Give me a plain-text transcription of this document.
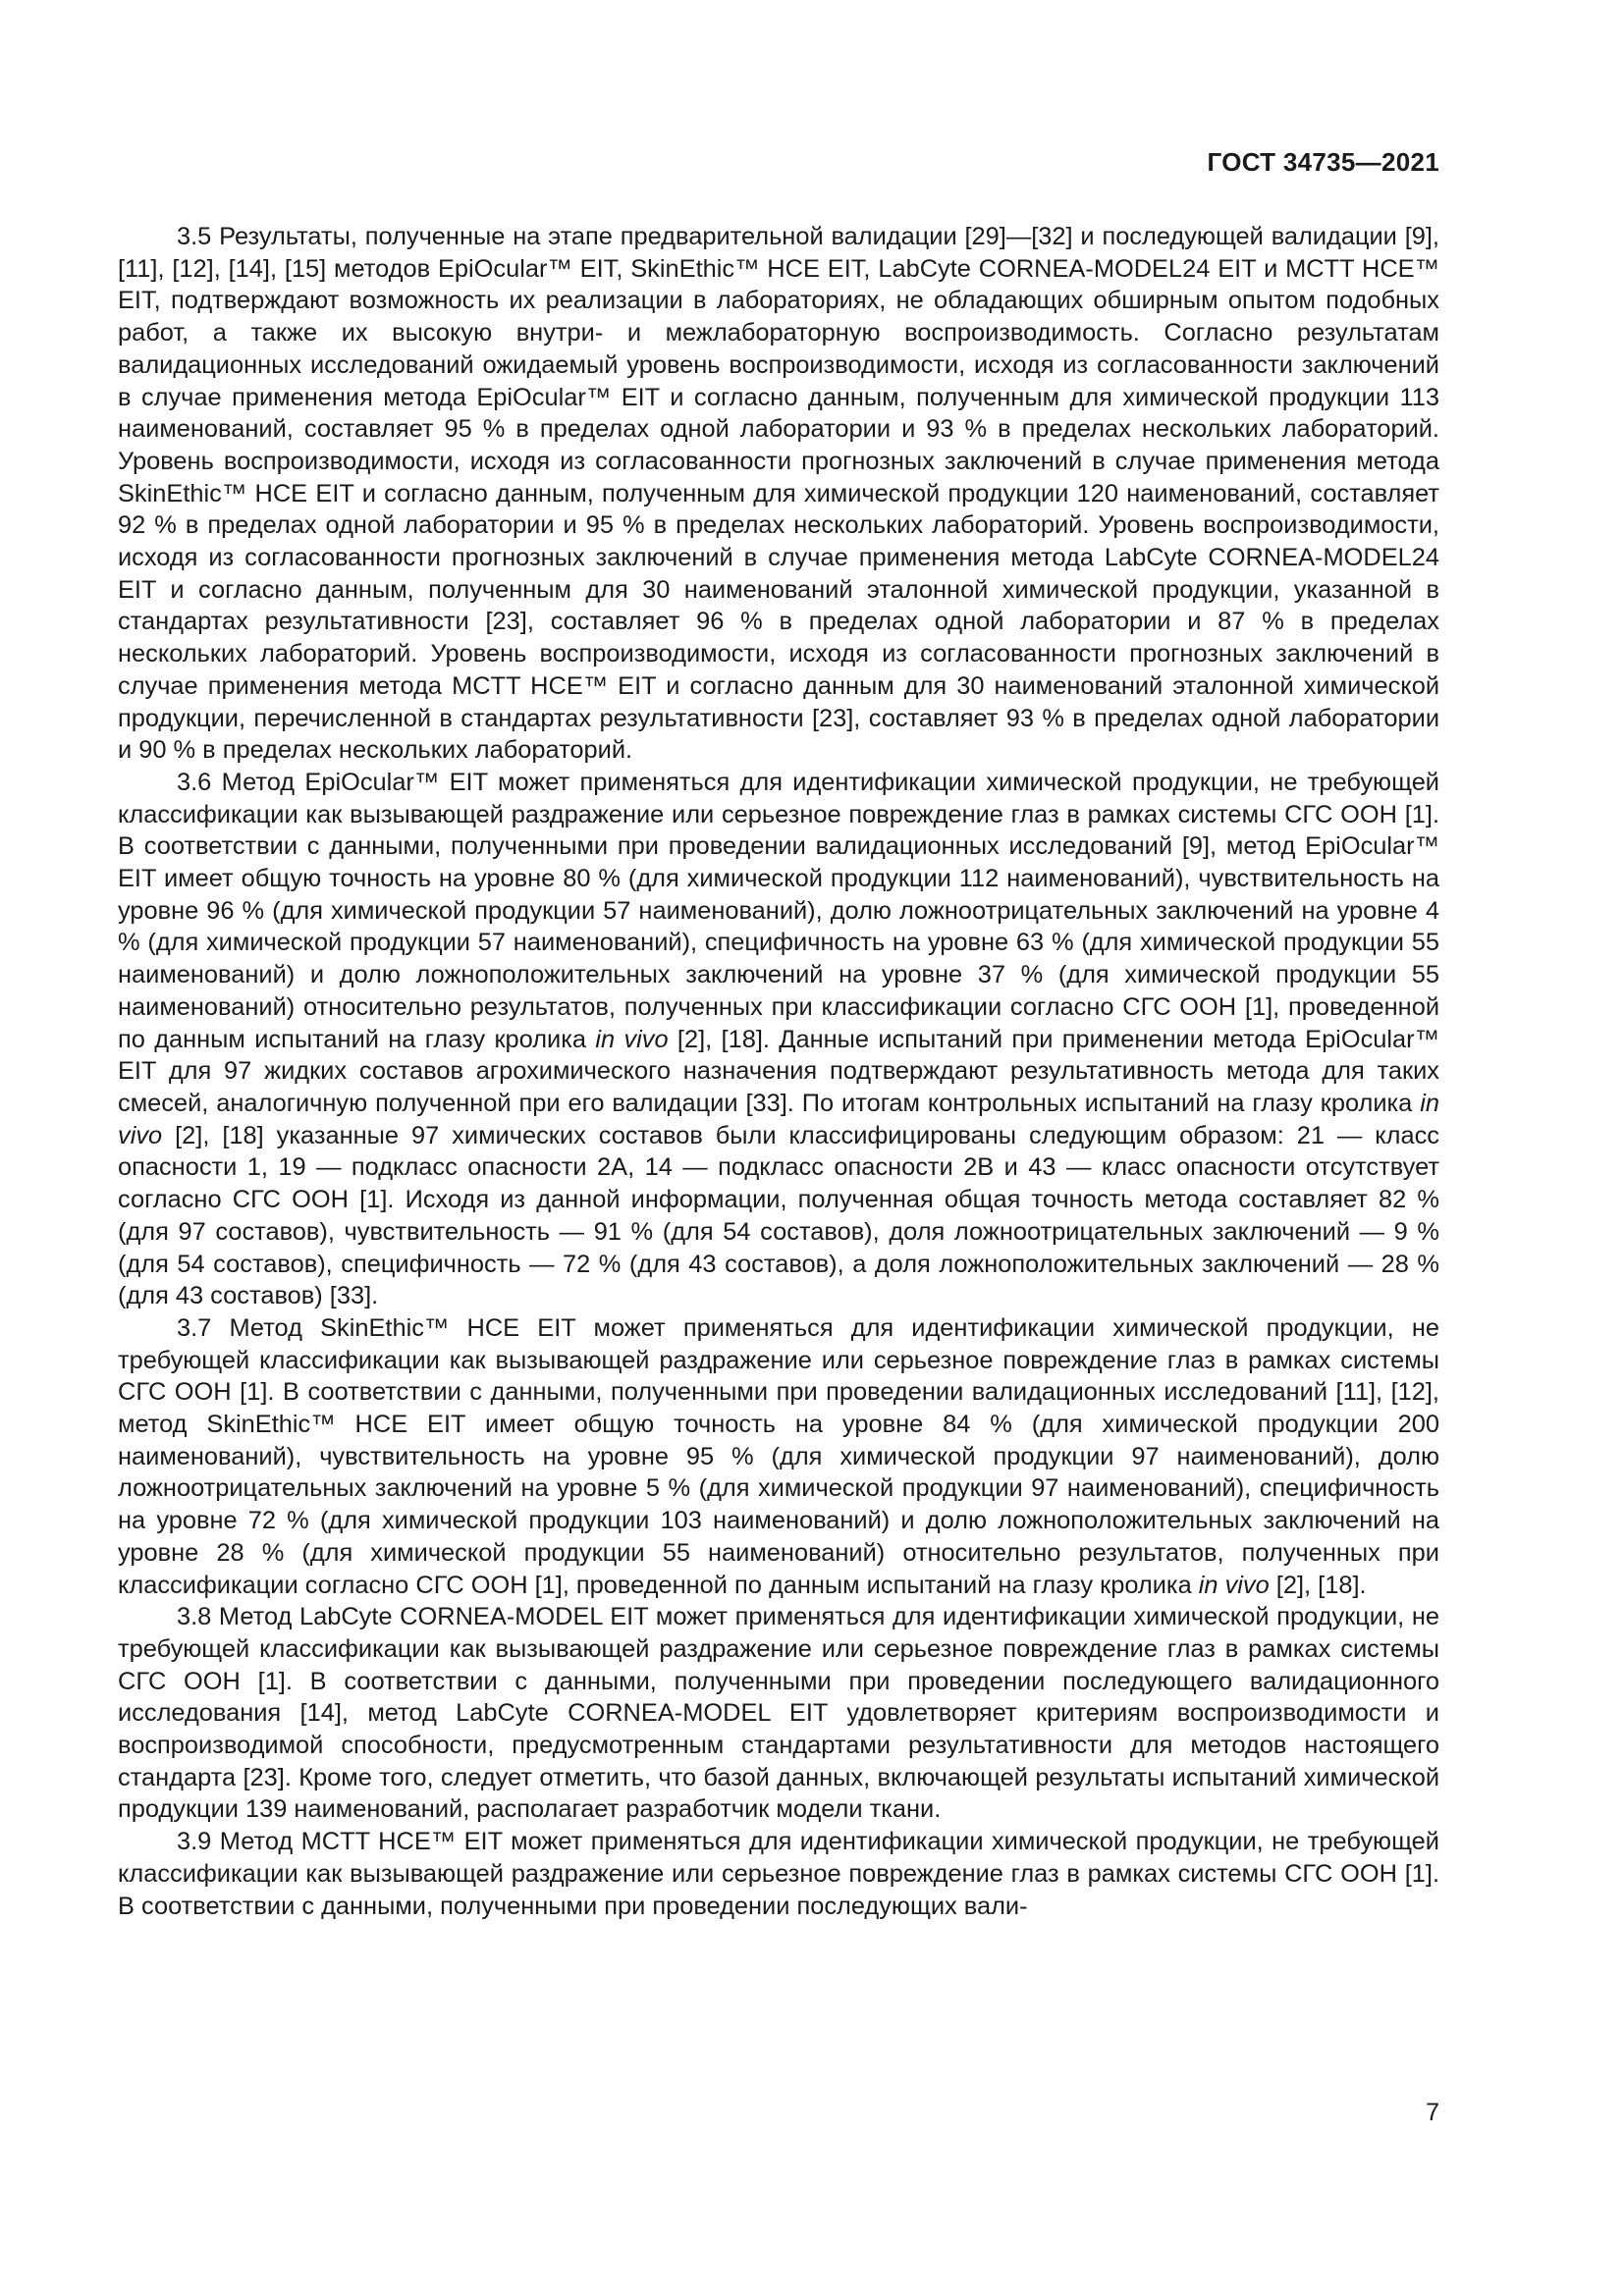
ГОСТ 34735—2021

3.5 Результаты, полученные на этапе предварительной валидации [29]—[32] и последующей валидации [9], [11], [12], [14], [15] методов EpiOcular™ EIT, SkinEthic™ HCE EIT, LabCyte CORNEA-MODEL24 EIT и MCTT HCE™ EIT, подтверждают возможность их реализации в лабораториях, не обладающих обширным опытом подобных работ, а также их высокую внутри- и межлабораторную воспроизводимость. Согласно результатам валидационных исследований ожидаемый уровень воспроизводимости, исходя из согласованности заключений в случае применения метода EpiOcular™ EIT и согласно данным, полученным для химической продукции 113 наименований, составляет 95 % в пределах одной лаборатории и 93 % в пределах нескольких лабораторий. Уровень воспроизводимости, исходя из согласованности прогнозных заключений в случае применения метода SkinEthic™ HCE EIT и согласно данным, полученным для химической продукции 120 наименований, составляет 92 % в пределах одной лаборатории и 95 % в пределах нескольких лабораторий. Уровень воспроизводимости, исходя из согласованности прогнозных заключений в случае применения метода LabCyte CORNEA-MODEL24 EIT и согласно данным, полученным для 30 наименований эталонной химической продукции, указанной в стандартах результативности [23], составляет 96 % в пределах одной лаборатории и 87 % в пределах нескольких лабораторий. Уровень воспроизводимости, исходя из согласованности прогнозных заключений в случае применения метода MCTT HCE™ EIT и согласно данным для 30 наименований эталонной химической продукции, перечисленной в стандартах результативности [23], составляет 93 % в пределах одной лаборатории и 90 % в пределах нескольких лабораторий.

3.6 Метод EpiOcular™ EIT может применяться для идентификации химической продукции, не требующей классификации как вызывающей раздражение или серьезное повреждение глаз в рамках системы СГС ООН [1]. В соответствии с данными, полученными при проведении валидационных исследований [9], метод EpiOcular™ EIT имеет общую точность на уровне 80 % (для химической продукции 112 наименований), чувствительность на уровне 96 % (для химической продукции 57 наименований), долю ложноотрицательных заключений на уровне 4 % (для химической продукции 57 наименований), специфичность на уровне 63 % (для химической продукции 55 наименований) и долю ложноположительных заключений на уровне 37 % (для химической продукции 55 наименований) относительно результатов, полученных при классификации согласно СГС ООН [1], проведенной по данным испытаний на глазу кролика in vivo [2], [18]. Данные испытаний при применении метода EpiOcular™ EIT для 97 жидких составов агрохимического назначения подтверждают результативность метода для таких смесей, аналогичную полученной при его валидации [33]. По итогам контрольных испытаний на глазу кролика in vivo [2], [18] указанные 97 химических составов были классифицированы следующим образом: 21 — класс опасности 1, 19 — подкласс опасности 2А, 14 — подкласс опасности 2В и 43 — класс опасности отсутствует согласно СГС ООН [1]. Исходя из данной информации, полученная общая точность метода составляет 82 % (для 97 составов), чувствительность — 91 % (для 54 составов), доля ложноотрицательных заключений — 9 % (для 54 составов), специфичность — 72 % (для 43 составов), а доля ложноположительных заключений — 28 % (для 43 составов) [33].

3.7 Метод SkinEthic™ HCE EIT может применяться для идентификации химической продукции, не требующей классификации как вызывающей раздражение или серьезное повреждение глаз в рамках системы СГС ООН [1]. В соответствии с данными, полученными при проведении валидационных исследований [11], [12], метод SkinEthic™ HCE EIT имеет общую точность на уровне 84 % (для химической продукции 200 наименований), чувствительность на уровне 95 % (для химической продукции 97 наименований), долю ложноотрицательных заключений на уровне 5 % (для химической продукции 97 наименований), специфичность на уровне 72 % (для химической продукции 103 наименований) и долю ложноположительных заключений на уровне 28 % (для химической продукции 55 наименований) относительно результатов, полученных при классификации согласно СГС ООН [1], проведенной по данным испытаний на глазу кролика in vivo [2], [18].

3.8 Метод LabCyte CORNEA-MODEL EIT может применяться для идентификации химической продукции, не требующей классификации как вызывающей раздражение или серьезное повреждение глаз в рамках системы СГС ООН [1]. В соответствии с данными, полученными при проведении последующего валидационного исследования [14], метод LabCyte CORNEA-MODEL EIT удовлетворяет критериям воспроизводимости и воспроизводимой способности, предусмотренным стандартами результативности для методов настоящего стандарта [23]. Кроме того, следует отметить, что базой данных, включающей результаты испытаний химической продукции 139 наименований, располагает разработчик модели ткани.

3.9 Метод MCTT HCE™ EIT может применяться для идентификации химической продукции, не требующей классификации как вызывающей раздражение или серьезное повреждение глаз в рамках системы СГС ООН [1]. В соответствии с данными, полученными при проведении последующих вали-

7
